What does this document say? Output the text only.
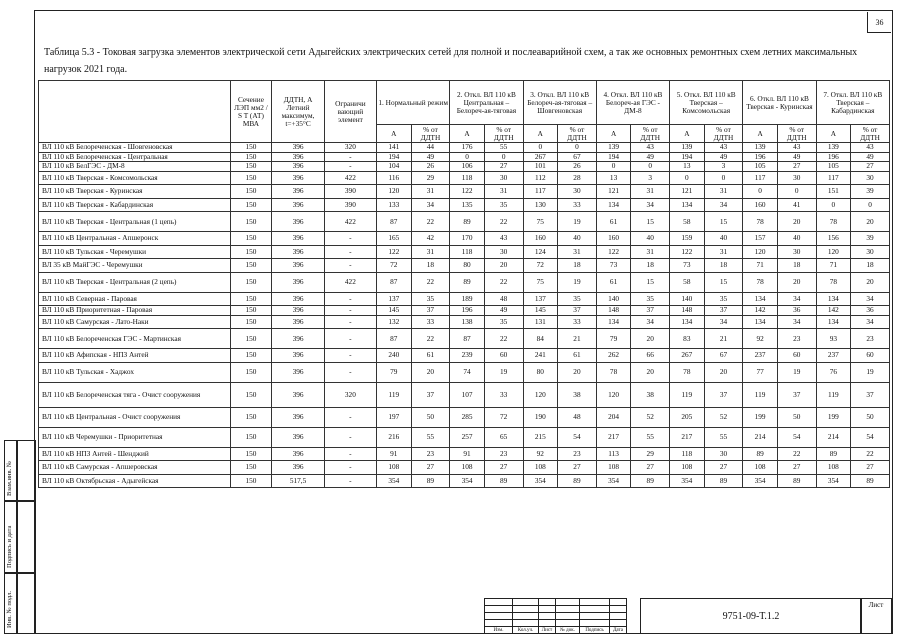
36
Таблица 5.3 - Токовая загрузка элементов электрической сети Адыгейских электрических сетей для полной и послеаварийной схем, а так же основных ремонтных схем летних максимальных нагрузок 2021 года.
	Сечение ЛЭП мм2 / S T (АТ) МВА	ДДТН, А Летний максимум, t=+35°С	Ограничи вающий элемент	1. Нормальный режим		2. Откл. ВЛ 110 кВ Центральная – Белореч-ая-тяговая		3. Откл. ВЛ 110 кВ Белореч-ая-тяговая – Шовгеновская		4. Откл. ВЛ 110 кВ Белореч-ая ГЭС - ДМ-8		5. Откл. ВЛ 110 кВ Тверская – Комсомольская		6. Откл. ВЛ 110 кВ Тверская - Куринская		7. Откл. ВЛ 110 кВ Тверская – Кабардинская	
				А	% от ДДТН	А	% от ДДТН	А	% от ДДТН	А	% от ДДТН	А	% от ДДТН	А	% от ДДТН	А	% от ДДТН
ВЛ 110 кВ Белореченская - Шовгеновская	150	396	320	141	44	176	55	0	0	139	43	139	43	139	43	139	43
ВЛ 110 кВ Белореченская - Центральная	150	396	-	194	49	0	0	267	67	194	49	194	49	196	49	196	49
ВЛ 110 кВ БелГЭС - ДМ-8	150	396	-	104	26	106	27	101	26	0	0	13	3	105	27	105	27
ВЛ 110 кВ Тверская - Комсомольская	150	396	422	116	29	118	30	112	28	13	3	0	0	117	30	117	30
ВЛ 110 кВ Тверская - Куринская	150	396	390	120	31	122	31	117	30	121	31	121	31	0	0	151	39
ВЛ 110 кВ Тверская - Кабардинская	150	396	390	133	34	135	35	130	33	134	34	134	34	160	41	0	0
ВЛ 110 кВ Тверская - Центральная (1 цепь)	150	396	422	87	22	89	22	75	19	61	15	58	15	78	20	78	20
ВЛ 110 кВ Центральная - Апшеронск	150	396	-	165	42	170	43	160	40	160	40	159	40	157	40	156	39
ВЛ 110 кВ Тульская - Черемушки	150	396	-	122	31	118	30	124	31	122	31	122	31	120	30	120	30
ВЛ 35 кВ МайГЭС - Черемушки	150	396	-	72	18	80	20	72	18	73	18	73	18	71	18	71	18
ВЛ 110 кВ Тверская - Центральная (2 цепь)	150	396	422	87	22	89	22	75	19	61	15	58	15	78	20	78	20
ВЛ 110 кВ Северная - Паровая	150	396	-	137	35	189	48	137	35	140	35	140	35	134	34	134	34
ВЛ 110 кВ Приоритетная - Паровая	150	396	-	145	37	196	49	145	37	148	37	148	37	142	36	142	36
ВЛ 110 кВ Самурская - Лато-Наки	150	396	-	132	33	138	35	131	33	134	34	134	34	134	34	134	34
ВЛ 110 кВ Белореченская ГЭС - Мартинская	150	396	-	87	22	87	22	84	21	79	20	83	21	92	23	93	23
ВЛ 110 кВ Афипская - НПЗ Антей	150	396	-	240	61	239	60	241	61	262	66	267	67	237	60	237	60
ВЛ 110 кВ Тульская - Хаджох	150	396	-	79	20	74	19	80	20	78	20	78	20	77	19	76	19
ВЛ 110 кВ Белореченская тяга - Очист сооружения	150	396	320	119	37	107	33	120	38	120	38	119	37	119	37	119	37
ВЛ 110 кВ Центральная - Очист сооружения	150	396	-	197	50	285	72	190	48	204	52	205	52	199	50	199	50
ВЛ 110 кВ Черемушки - Приоритетная	150	396	-	216	55	257	65	215	54	217	55	217	55	214	54	214	54
ВЛ 110 кВ НПЗ Антей - Шенджий	150	396	-	91	23	91	23	92	23	113	29	118	30	89	22	89	22
ВЛ 110 кВ Самурская - Апшеровская	150	396	-	108	27	108	27	108	27	108	27	108	27	108	27	108	27
ВЛ 110 кВ Октябрьская - Адыгейская	150	517,5	-	354	89	354	89	354	89	354	89	354	89	354	89	354	89
Взам.инв. №
Подпись и дата
Инв. № подл.

Изм.	Кол.уч.	Лист	№ док.	Подпись	Дата
9751-09-Т.1.2
Лист
